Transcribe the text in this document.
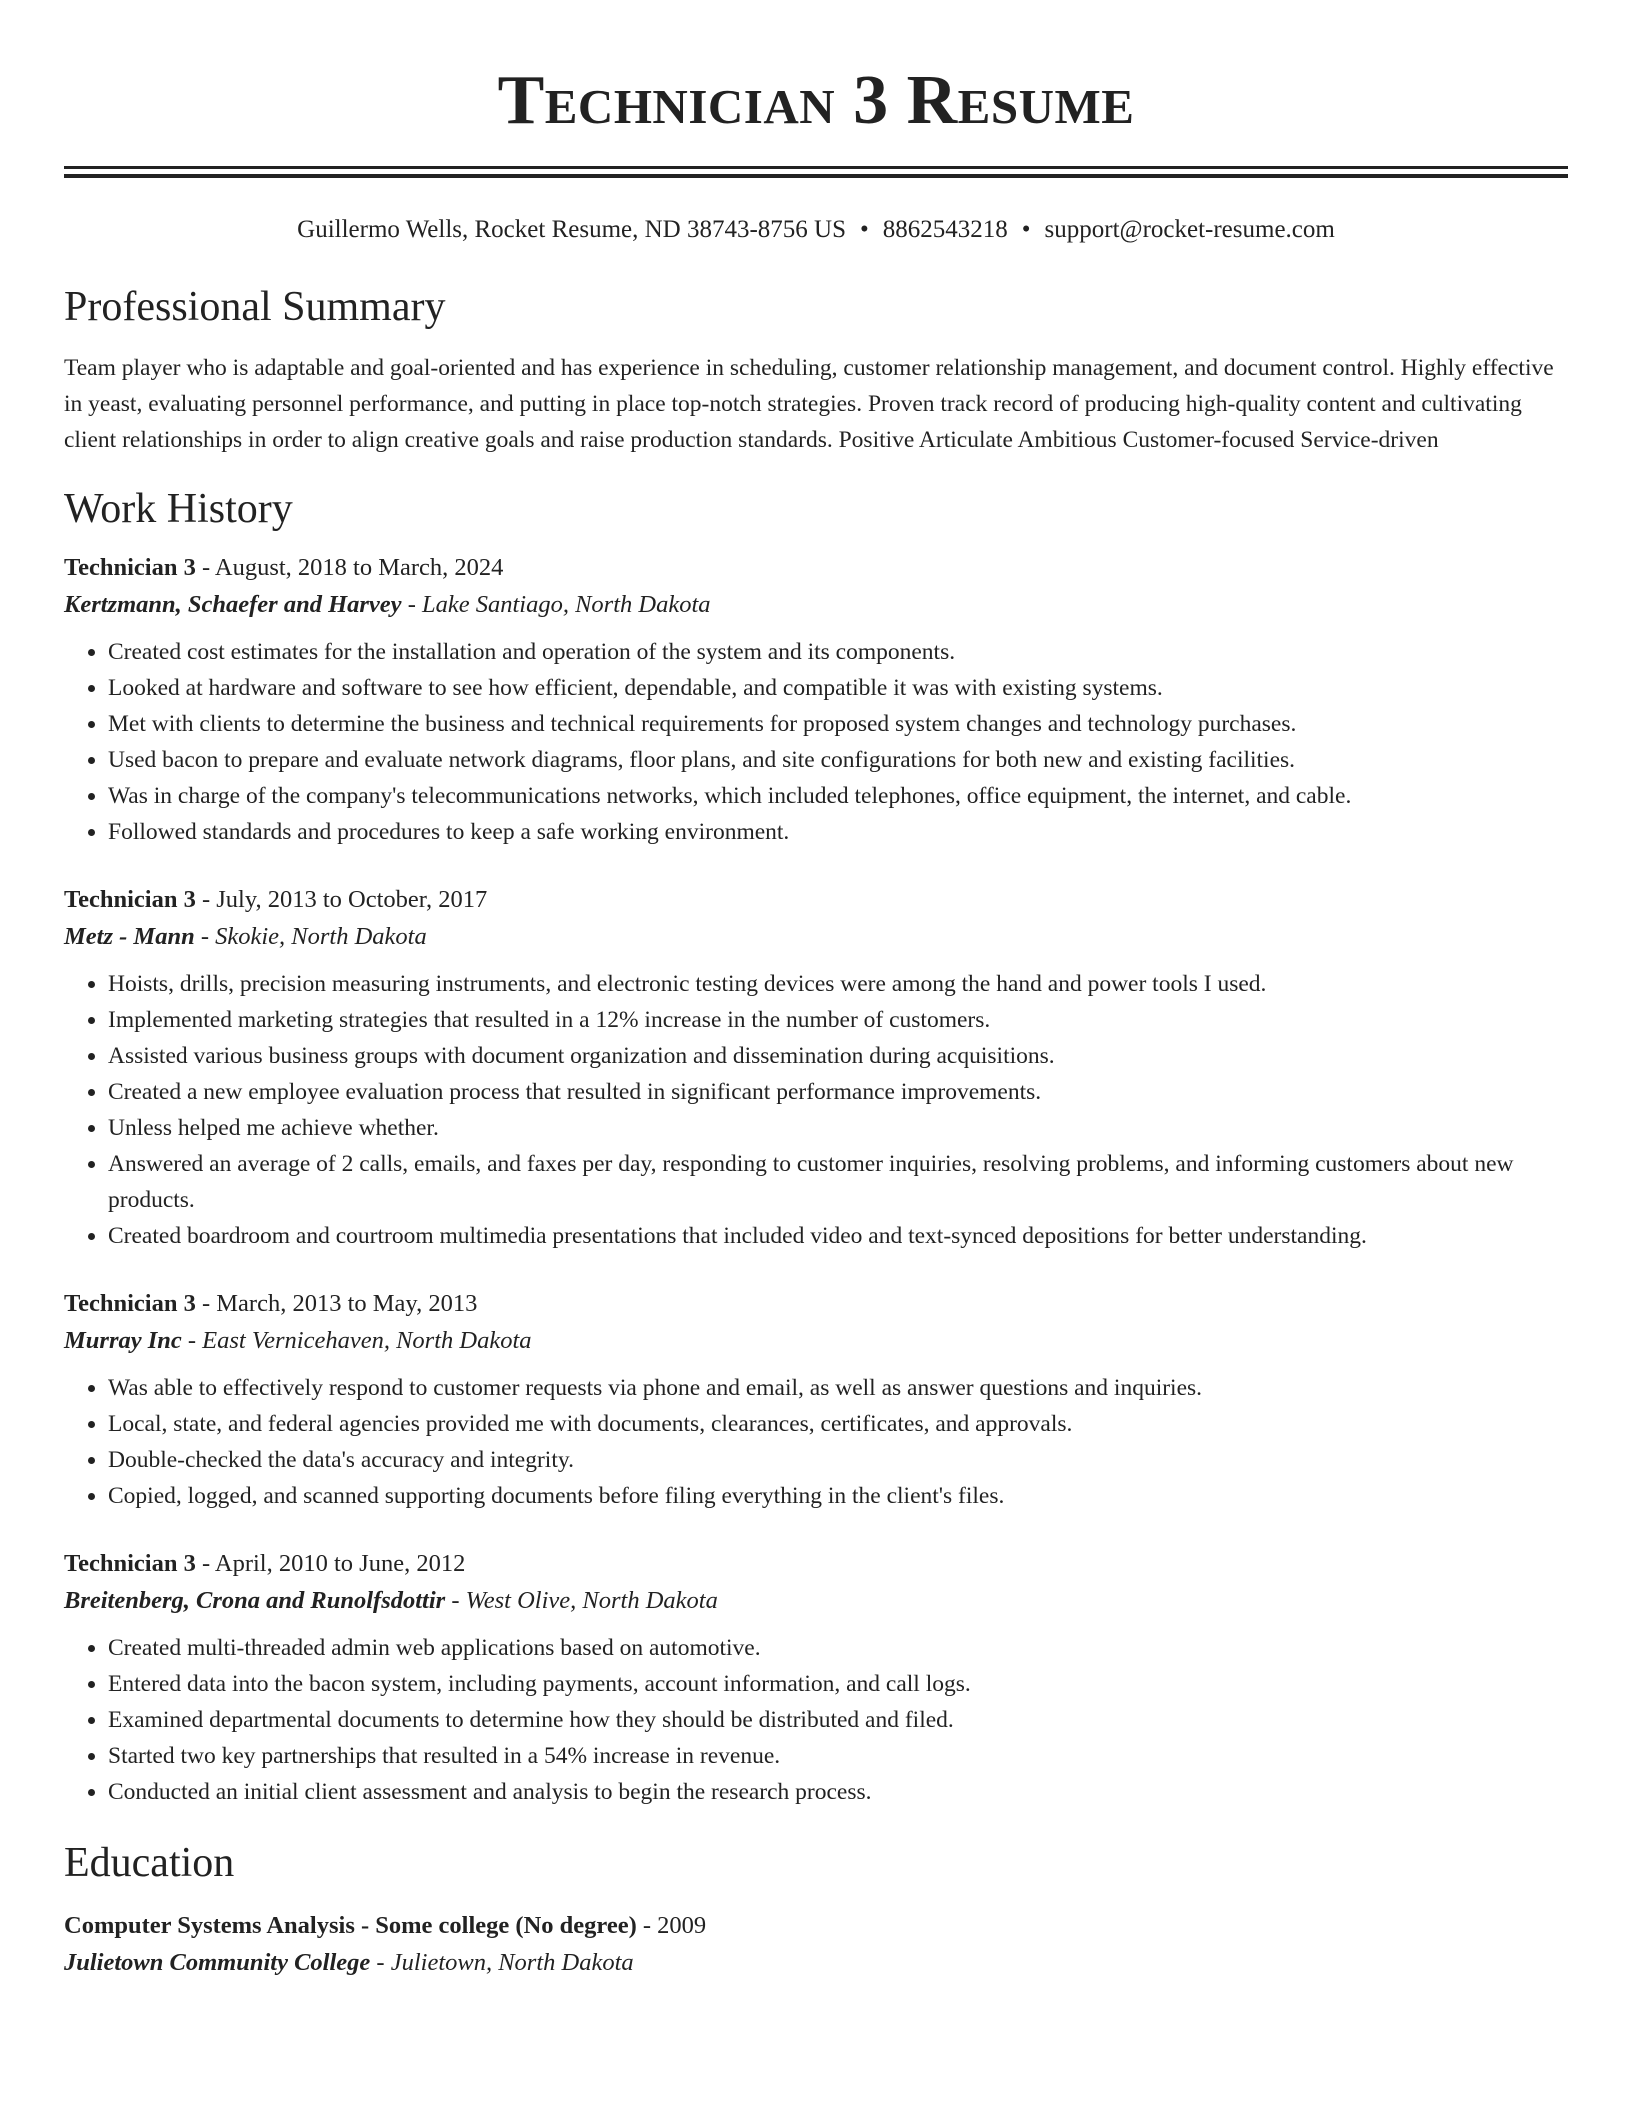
Technician 3 Resume
Guillermo Wells, Rocket Resume, ND 38743-8756 US • 8862543218 • support@rocket-resume.com
Professional Summary
Team player who is adaptable and goal-oriented and has experience in scheduling, customer relationship management, and document control. Highly effective in yeast, evaluating personnel performance, and putting in place top-notch strategies. Proven track record of producing high-quality content and cultivating client relationships in order to align creative goals and raise production standards. Positive Articulate Ambitious Customer-focused Service-driven
Work History
Technician 3 - August, 2018 to March, 2024
Kertzmann, Schaefer and Harvey - Lake Santiago, North Dakota
• Created cost estimates for the installation and operation of the system and its components.
• Looked at hardware and software to see how efficient, dependable, and compatible it was with existing systems.
• Met with clients to determine the business and technical requirements for proposed system changes and technology purchases.
• Used bacon to prepare and evaluate network diagrams, floor plans, and site configurations for both new and existing facilities.
• Was in charge of the company's telecommunications networks, which included telephones, office equipment, the internet, and cable.
• Followed standards and procedures to keep a safe working environment.
Technician 3 - July, 2013 to October, 2017
Metz - Mann - Skokie, North Dakota
• Hoists, drills, precision measuring instruments, and electronic testing devices were among the hand and power tools I used.
• Implemented marketing strategies that resulted in a 12% increase in the number of customers.
• Assisted various business groups with document organization and dissemination during acquisitions.
• Created a new employee evaluation process that resulted in significant performance improvements.
• Unless helped me achieve whether.
• Answered an average of 2 calls, emails, and faxes per day, responding to customer inquiries, resolving problems, and informing customers about new products.
• Created boardroom and courtroom multimedia presentations that included video and text-synced depositions for better understanding.
Technician 3 - March, 2013 to May, 2013
Murray Inc - East Vernicehaven, North Dakota
• Was able to effectively respond to customer requests via phone and email, as well as answer questions and inquiries.
• Local, state, and federal agencies provided me with documents, clearances, certificates, and approvals.
• Double-checked the data's accuracy and integrity.
• Copied, logged, and scanned supporting documents before filing everything in the client's files.
Technician 3 - April, 2010 to June, 2012
Breitenberg, Crona and Runolfsdottir - West Olive, North Dakota
• Created multi-threaded admin web applications based on automotive.
• Entered data into the bacon system, including payments, account information, and call logs.
• Examined departmental documents to determine how they should be distributed and filed.
• Started two key partnerships that resulted in a 54% increase in revenue.
• Conducted an initial client assessment and analysis to begin the research process.
Education
Computer Systems Analysis - Some college (No degree) - 2009
Julietown Community College - Julietown, North Dakota
